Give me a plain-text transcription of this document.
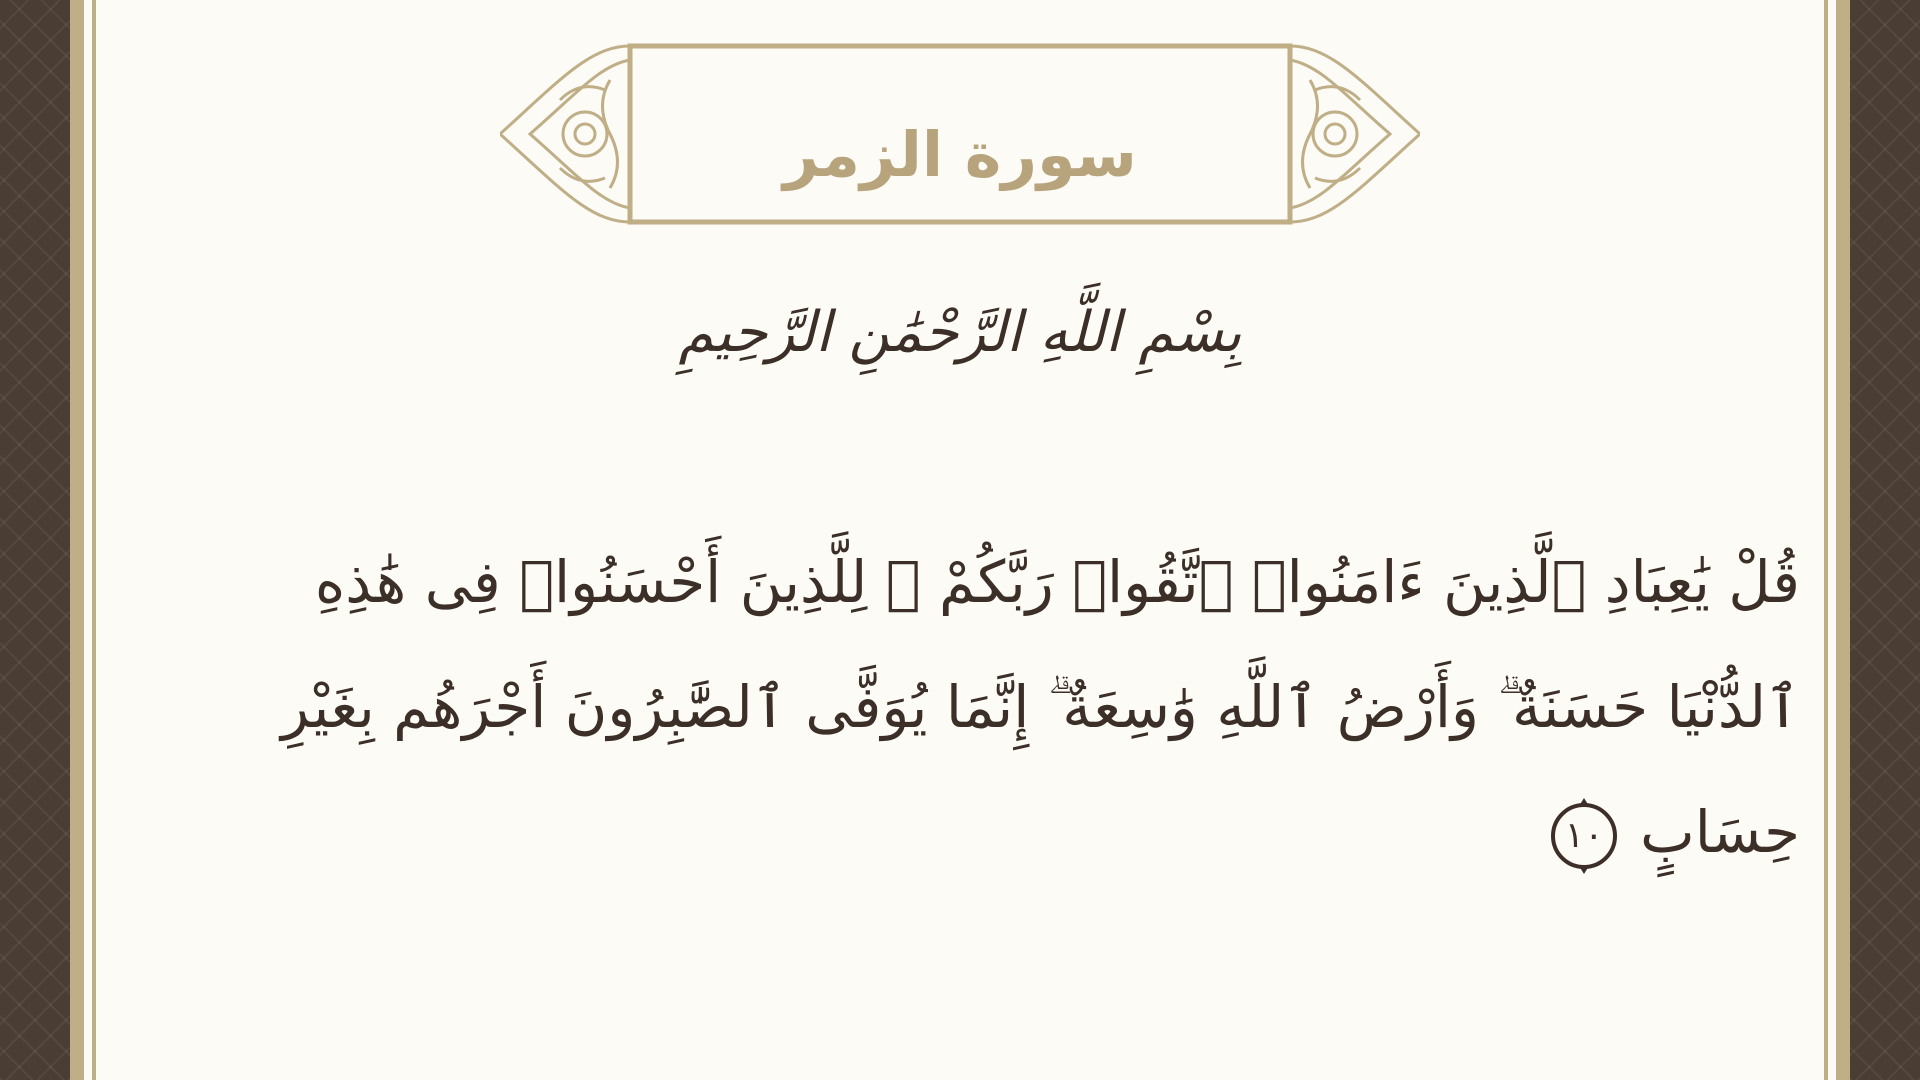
سورة الزمر
بِسْمِ اللَّهِ الرَّحْمَٰنِ الرَّحِيمِ
قُلْ يَٰعِبَادِ ٱلَّذِينَ ءَامَنُوا۟ ٱتَّقُوا۟ رَبَّكُمْ ۚ لِلَّذِينَ أَحْسَنُوا۟ فِى هَٰذِهِ
ٱلدُّنْيَا حَسَنَةٌ ۗ وَأَرْضُ ٱللَّهِ وَٰسِعَةٌ ۗ إِنَّمَا يُوَفَّى ٱلصَّٰبِرُونَ أَجْرَهُم بِغَيْرِ
حِسَابٍ
١٠
